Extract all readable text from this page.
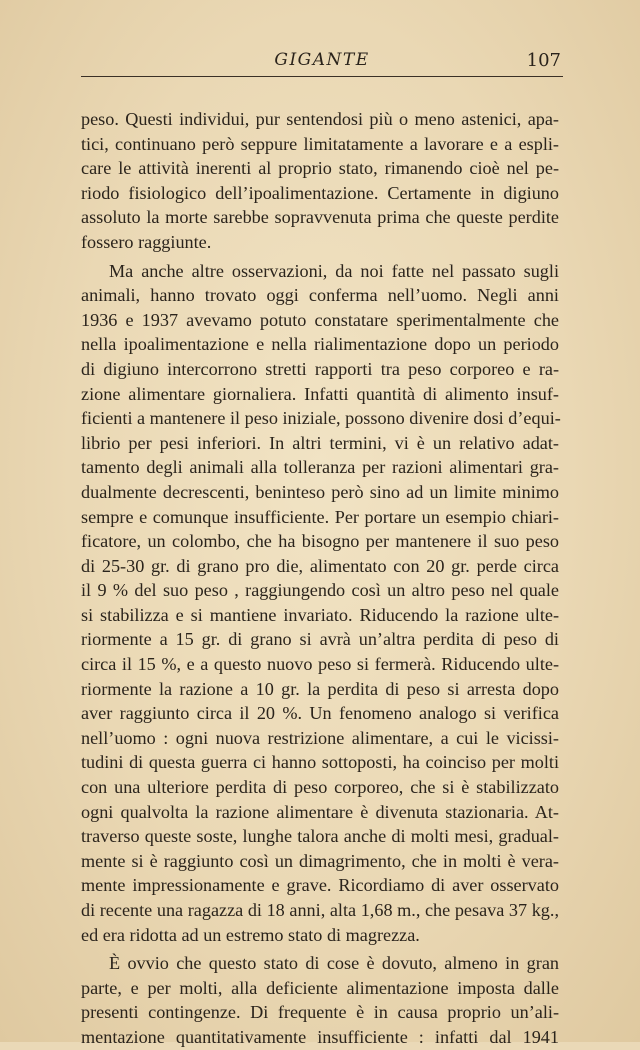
GIGANTE	107
peso. Questi individui, pur sentendosi più o meno astenici, apa-
tici, continuano però seppure limitatamente a lavorare e a espli-
care le attività inerenti al proprio stato, rimanendo cioè nel pe-
riodo fisiologico dell’ipoalimentazione. Certamente in digiuno
assoluto la morte sarebbe sopravvenuta prima che queste perdite
fossero raggiunte.
Ma anche altre osservazioni, da noi fatte nel passato sugli
animali, hanno trovato oggi conferma nell’uomo. Negli anni
1936 e 1937 avevamo potuto constatare sperimentalmente che
nella ipoalimentazione e nella rialimentazione dopo un periodo
di digiuno intercorrono stretti rapporti tra peso corporeo e ra-
zione alimentare giornaliera. Infatti quantità di alimento insuf-
ficienti a mantenere il peso iniziale, possono divenire dosi d’equi-
librio per pesi inferiori. In altri termini, vi è un relativo adat-
tamento degli animali alla tolleranza per razioni alimentari gra-
dualmente decrescenti, beninteso però sino ad un limite minimo
sempre e comunque insufficiente. Per portare un esempio chiari-
ficatore, un colombo, che ha bisogno per mantenere il suo peso
di 25-30 gr. di grano pro die, alimentato con 20 gr. perde circa
il 9 % del suo peso , raggiungendo così un altro peso nel quale
si stabilizza e si mantiene invariato. Riducendo la razione ulte-
riormente a 15 gr. di grano si avrà un’altra perdita di peso di
circa il 15 %, e a questo nuovo peso si fermerà. Riducendo ulte-
riormente la razione a 10 gr. la perdita di peso si arresta dopo
aver raggiunto circa il 20 %. Un fenomeno analogo si verifica
nell’uomo : ogni nuova restrizione alimentare, a cui le vicissi-
tudini di questa guerra ci hanno sottoposti, ha coinciso per molti
con una ulteriore perdita di peso corporeo, che si è stabilizzato
ogni qualvolta la razione alimentare è divenuta stazionaria. At-
traverso queste soste, lunghe talora anche di molti mesi, gradual-
mente si è raggiunto così un dimagrimento, che in molti è vera-
mente impressionamente e grave. Ricordiamo di aver osservato
di recente una ragazza di 18 anni, alta 1,68 m., che pesava 37 kg.,
ed era ridotta ad un estremo stato di magrezza.
È ovvio che questo stato di cose è dovuto, almeno in gran
parte, e per molti, alla deficiente alimentazione imposta dalle
presenti contingenze. Di frequente è in causa proprio un’ali-
mentazione quantitativamente insufficiente : infatti dal 1941
